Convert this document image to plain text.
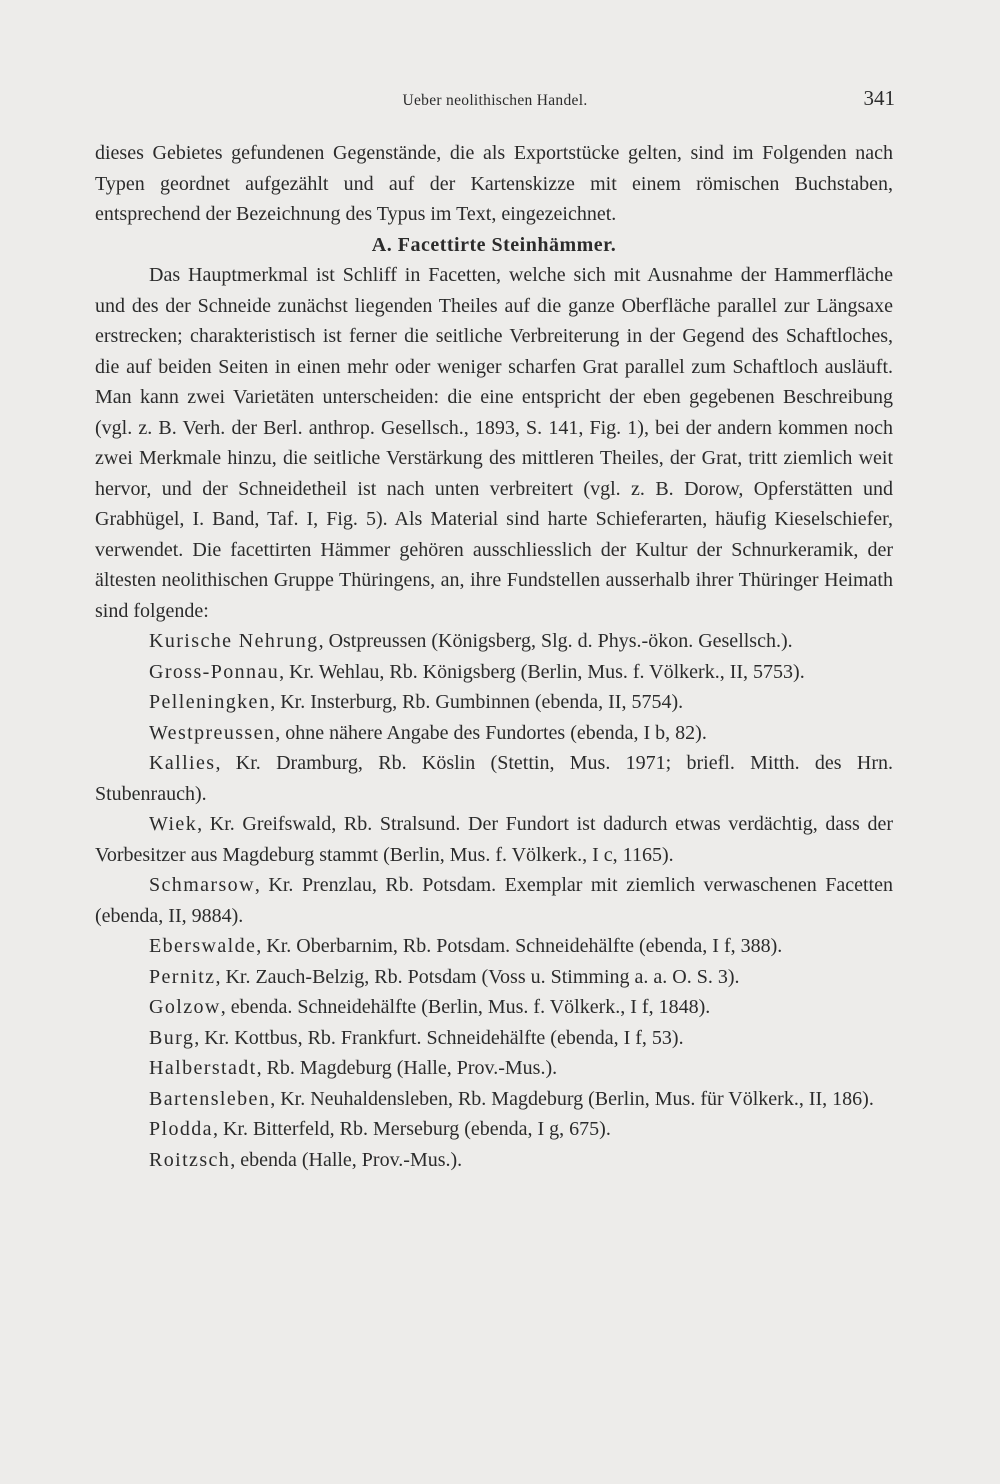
Ueber neolithischen Handel.	341

dieses Gebietes gefundenen Gegenstände, die als Exportstücke gelten, sind im Folgenden nach Typen geordnet aufgezählt und auf der Kartenskizze mit einem römischen Buchstaben, entsprechend der Bezeichnung des Typus im Text, eingezeichnet.

A. Facettirte Steinhämmer.

Das Hauptmerkmal ist Schliff in Facetten, welche sich mit Ausnahme der Hammerfläche und des der Schneide zunächst liegenden Theiles auf die ganze Oberfläche parallel zur Längsaxe erstrecken; charakteristisch ist ferner die seitliche Verbreiterung in der Gegend des Schaftloches, die auf beiden Seiten in einen mehr oder weniger scharfen Grat parallel zum Schaftloch ausläuft. Man kann zwei Varietäten unterscheiden: die eine entspricht der eben gegebenen Beschreibung (vgl. z. B. Verh. der Berl. anthrop. Gesellsch., 1893, S. 141, Fig. 1), bei der andern kommen noch zwei Merkmale hinzu, die seitliche Verstärkung des mittleren Theiles, der Grat, tritt ziemlich weit hervor, und der Schneidetheil ist nach unten verbreitert (vgl. z. B. Dorow, Opferstätten und Grabhügel, I. Band, Taf. I, Fig. 5). Als Material sind harte Schieferarten, häufig Kieselschiefer, verwendet. Die facettirten Hämmer gehören ausschliesslich der Kultur der Schnurkeramik, der ältesten neolithischen Gruppe Thüringens, an, ihre Fundstellen ausserhalb ihrer Thüringer Heimath sind folgende:

Kurische Nehrung, Ostpreussen (Königsberg, Slg. d. Phys.-ökon. Gesellsch.).

Gross-Ponnau, Kr. Wehlau, Rb. Königsberg (Berlin, Mus. f. Völkerk., II, 5753).

Pelleningken, Kr. Insterburg, Rb. Gumbinnen (ebenda, II, 5754).

Westpreussen, ohne nähere Angabe des Fundortes (ebenda, I b, 82).

Kallies, Kr. Dramburg, Rb. Köslin (Stettin, Mus. 1971; briefl. Mitth. des Hrn. Stubenrauch).

Wiek, Kr. Greifswald, Rb. Stralsund. Der Fundort ist dadurch etwas verdächtig, dass der Vorbesitzer aus Magdeburg stammt (Berlin, Mus. f. Völkerk., I c, 1165).

Schmarsow, Kr. Prenzlau, Rb. Potsdam. Exemplar mit ziemlich verwaschenen Facetten (ebenda, II, 9884).

Eberswalde, Kr. Oberbarnim, Rb. Potsdam. Schneidehälfte (ebenda, I f, 388).

Pernitz, Kr. Zauch-Belzig, Rb. Potsdam (Voss u. Stimming a. a. O. S. 3).

Golzow, ebenda. Schneidehälfte (Berlin, Mus. f. Völkerk., I f, 1848).

Burg, Kr. Kottbus, Rb. Frankfurt. Schneidehälfte (ebenda, I f, 53).

Halberstadt, Rb. Magdeburg (Halle, Prov.-Mus.).

Bartensleben, Kr. Neuhaldensleben, Rb. Magdeburg (Berlin, Mus. für Völkerk., II, 186).

Plodda, Kr. Bitterfeld, Rb. Merseburg (ebenda, I g, 675).

Roitzsch, ebenda (Halle, Prov.-Mus.).
